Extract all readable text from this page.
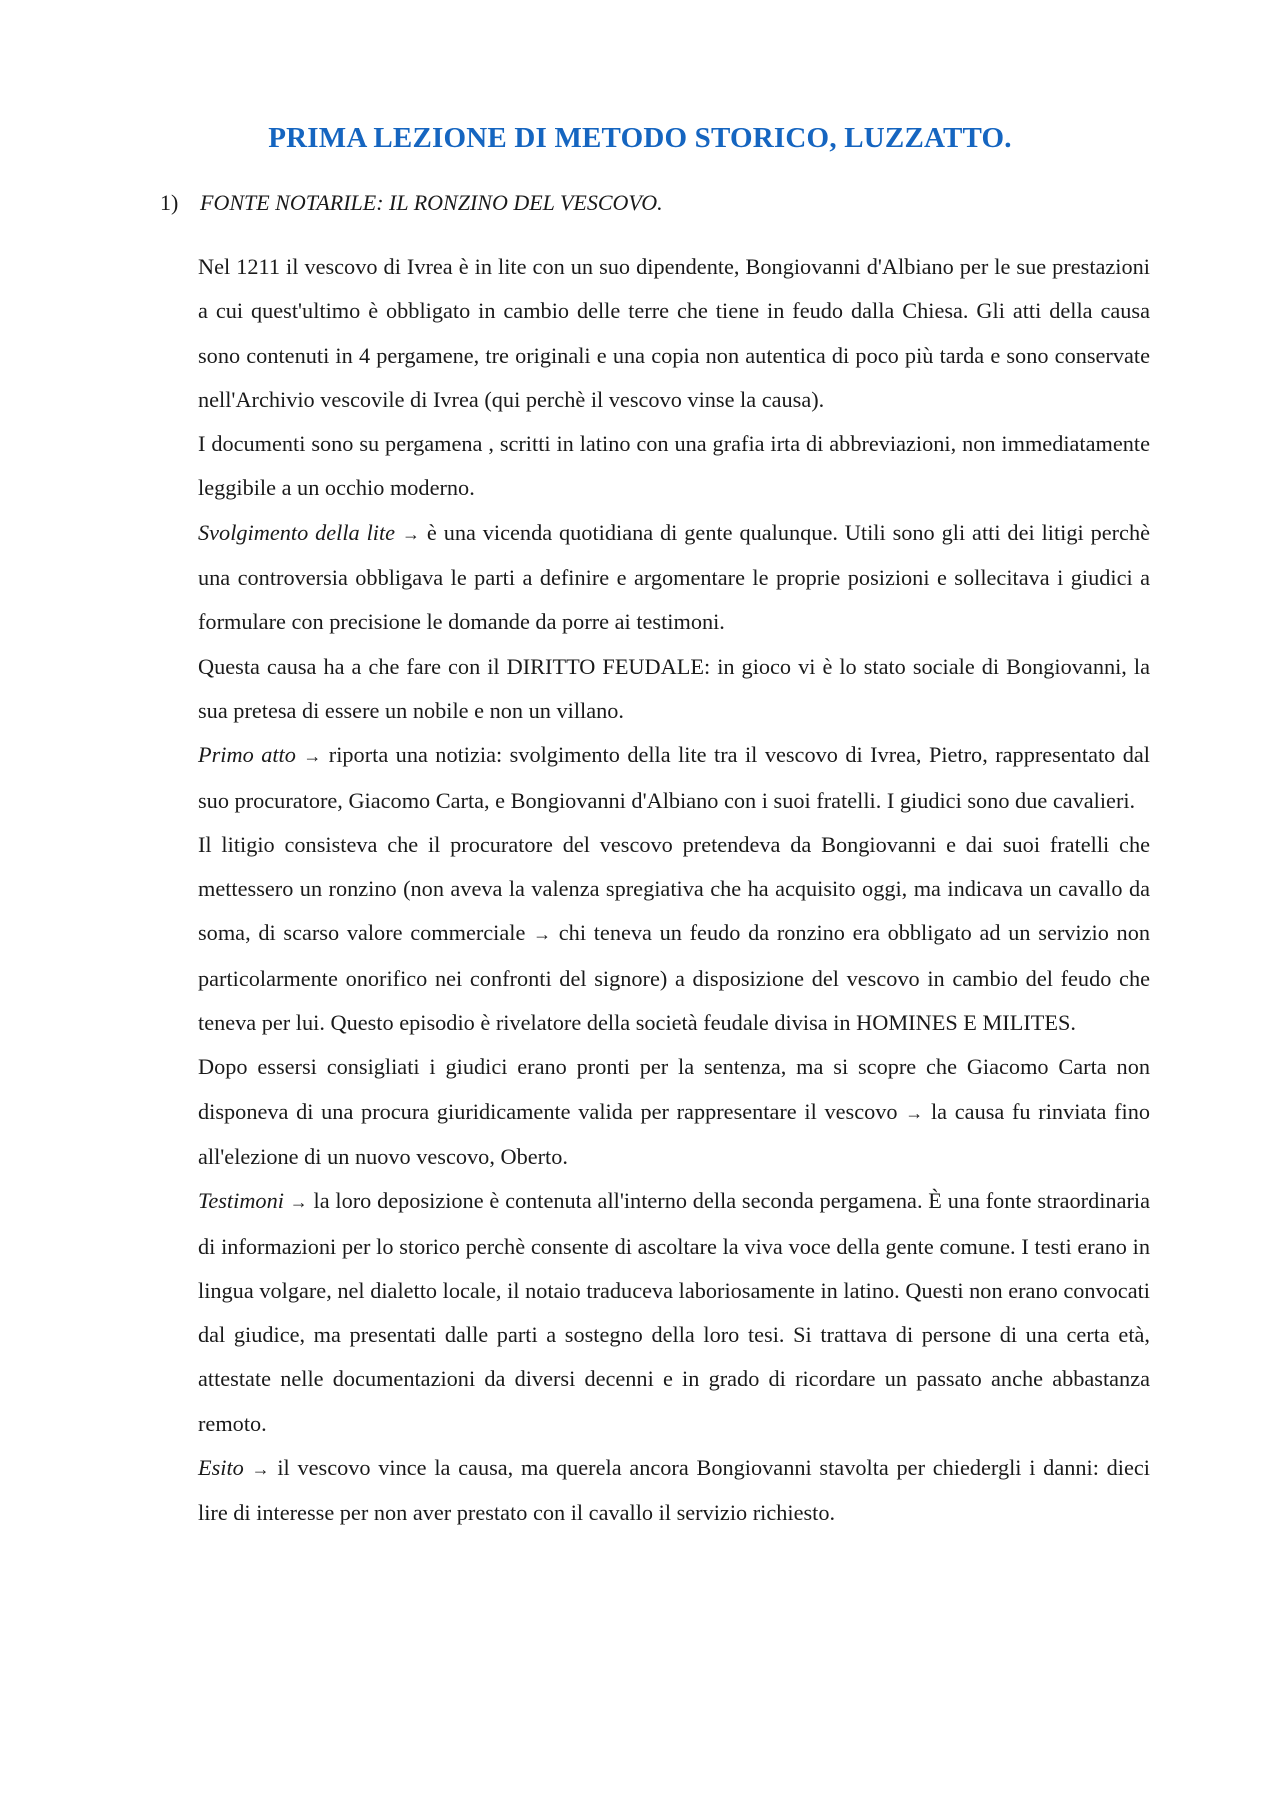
PRIMA LEZIONE DI METODO STORICO, LUZZATTO.
1) FONTE NOTARILE: IL RONZINO DEL VESCOVO.

Nel 1211 il vescovo di Ivrea è in lite con un suo dipendente, Bongiovanni d'Albiano per le sue prestazioni a cui quest'ultimo è obbligato in cambio delle terre che tiene in feudo dalla Chiesa. Gli atti della causa sono contenuti in 4 pergamene, tre originali e una copia non autentica di poco più tarda e sono conservate nell'Archivio vescovile di Ivrea (qui perchè il vescovo vinse la causa).

I documenti sono su pergamena , scritti in latino con una grafia irta di abbreviazioni, non immediatamente leggibile a un occhio moderno.

Svolgimento della lite → è una vicenda quotidiana di gente qualunque. Utili sono gli atti dei litigi perchè una controversia obbligava le parti a definire e argomentare le proprie posizioni e sollecitava i giudici a formulare con precisione le domande da porre ai testimoni.

Questa causa ha a che fare con il DIRITTO FEUDALE: in gioco vi è lo stato sociale di Bongiovanni, la sua pretesa di essere un nobile e non un villano.

Primo atto → riporta una notizia: svolgimento della lite tra il vescovo di Ivrea, Pietro, rappresentato dal suo procuratore, Giacomo Carta, e Bongiovanni d'Albiano con i suoi fratelli. I giudici sono due cavalieri.

Il litigio consisteva che il procuratore del vescovo pretendeva da Bongiovanni e dai suoi fratelli che mettessero un ronzino (non aveva la valenza spregiativa che ha acquisito oggi, ma indicava un cavallo da soma, di scarso valore commerciale → chi teneva un feudo da ronzino era obbligato ad un servizio non particolarmente onorifico nei confronti del signore) a disposizione del vescovo in cambio del feudo che teneva per lui. Questo episodio è rivelatore della società feudale divisa in HOMINES E MILITES.

Dopo essersi consigliati i giudici erano pronti per la sentenza, ma si scopre che Giacomo Carta non disponeva di una procura giuridicamente valida per rappresentare il vescovo → la causa fu rinviata fino all'elezione di un nuovo vescovo, Oberto.

Testimoni → la loro deposizione è contenuta all'interno della seconda pergamena. È una fonte straordinaria di informazioni per lo storico perchè consente di ascoltare la viva voce della gente comune. I testi erano in lingua volgare, nel dialetto locale, il notaio traduceva laboriosamente in latino. Questi non erano convocati dal giudice, ma presentati dalle parti a sostegno della loro tesi. Si trattava di persone di una certa età, attestate nelle documentazioni da diversi decenni e in grado di ricordare un passato anche abbastanza remoto.

Esito → il vescovo vince la causa, ma querela ancora Bongiovanni stavolta per chiedergli i danni: dieci lire di interesse per non aver prestato con il cavallo il servizio richiesto.
